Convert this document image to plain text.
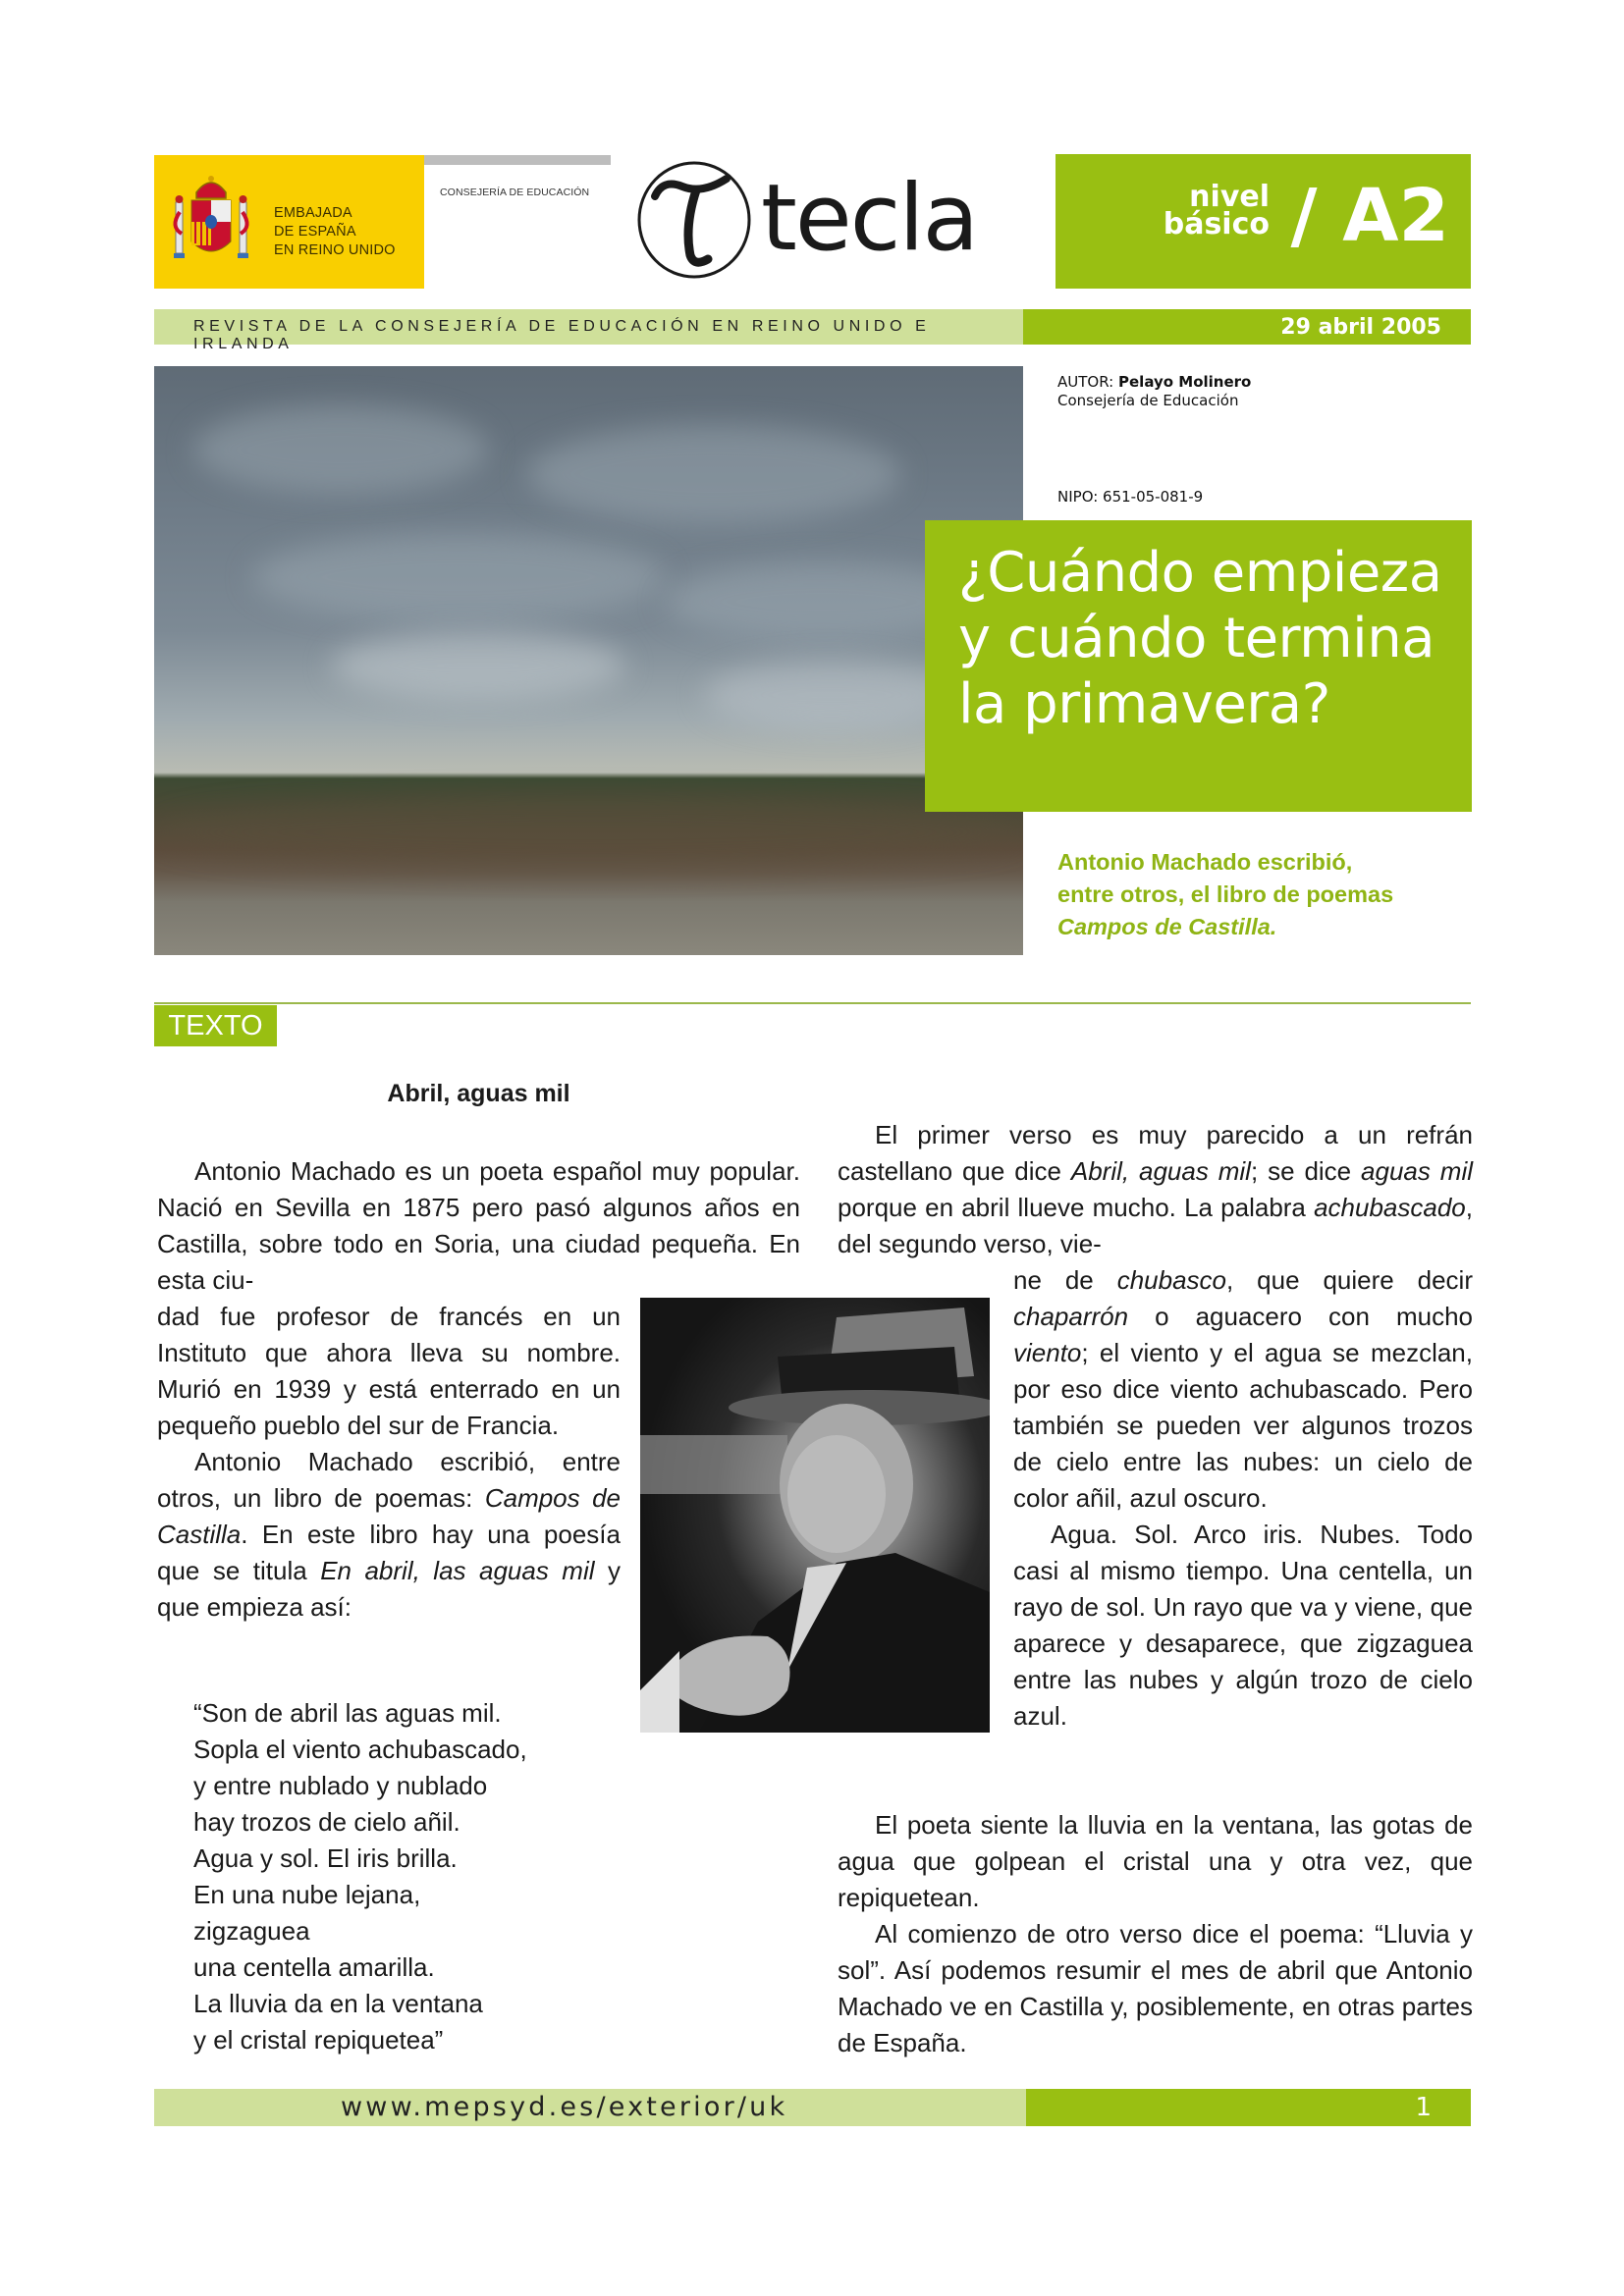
EMBAJADA
DE ESPAÑA
EN REINO UNIDO
CONSEJERÍA DE EDUCACIÓN tecla	nivel
básico / A2
REVISTA DE LA CONSEJERÍA DE EDUCACIÓN EN REINO UNIDO E IRLANDA
29 abril 2005
AUTOR: Pelayo Molinero
Consejería de Educación
NIPO: 651-05-081-9
¿Cuándo empieza
y cuándo termina
la primavera?
Antonio Machado escribió,
entre otros, el libro de poemas
Campos de Castilla.
TEXTO
Abril, aguas mil

Antonio Machado es un poeta español muy popular. Nació en Sevilla en 1875 pero pasó algunos años en Castilla, sobre todo en Soria, una ciudad pequeña. En esta ciu-

dad fue profesor de francés en un Instituto que ahora lleva su nombre. Murió en 1939 y está enterrado en un pequeño pueblo del sur de Francia.

Antonio Machado escribió, entre otros, un libro de poemas: Campos de Castilla. En este libro hay una poesía que se titula En abril, las aguas mil y que empieza así:

“Son de abril las aguas mil.
Sopla el viento achubascado,
y entre nublado y nublado
hay trozos de cielo añil.
Agua y sol. El iris brilla.
En una nube lejana,
zigzaguea
una centella amarilla.
La lluvia da en la ventana
y el cristal repiquetea”

El primer verso es muy parecido a un refrán castellano que dice Abril, aguas mil; se dice aguas mil porque en abril llueve mucho. La palabra achubascado, del segundo verso, vie-

ne de chubasco, que quiere decir chaparrón o aguacero con mucho viento; el viento y el agua se mezclan, por eso dice viento achubascado. Pero también se pueden ver algunos trozos de cielo entre las nubes: un cielo de color añil, azul oscuro.

Agua. Sol. Arco iris. Nubes. Todo casi al mismo tiempo. Una centella, un rayo de sol. Un rayo que va y viene, que aparece y desaparece, que zigzaguea entre las nubes y algún trozo de cielo azul.

El poeta siente la lluvia en la ventana, las gotas de agua que golpean el cristal una y otra vez, que repiquetean.

Al comienzo de otro verso dice el poema: “Lluvia y sol”. Así podemos resumir el mes de abril que Antonio Machado ve en Castilla y, posiblemente, en otras partes de España.

www.mepsyd.es/exterior/uk	1
